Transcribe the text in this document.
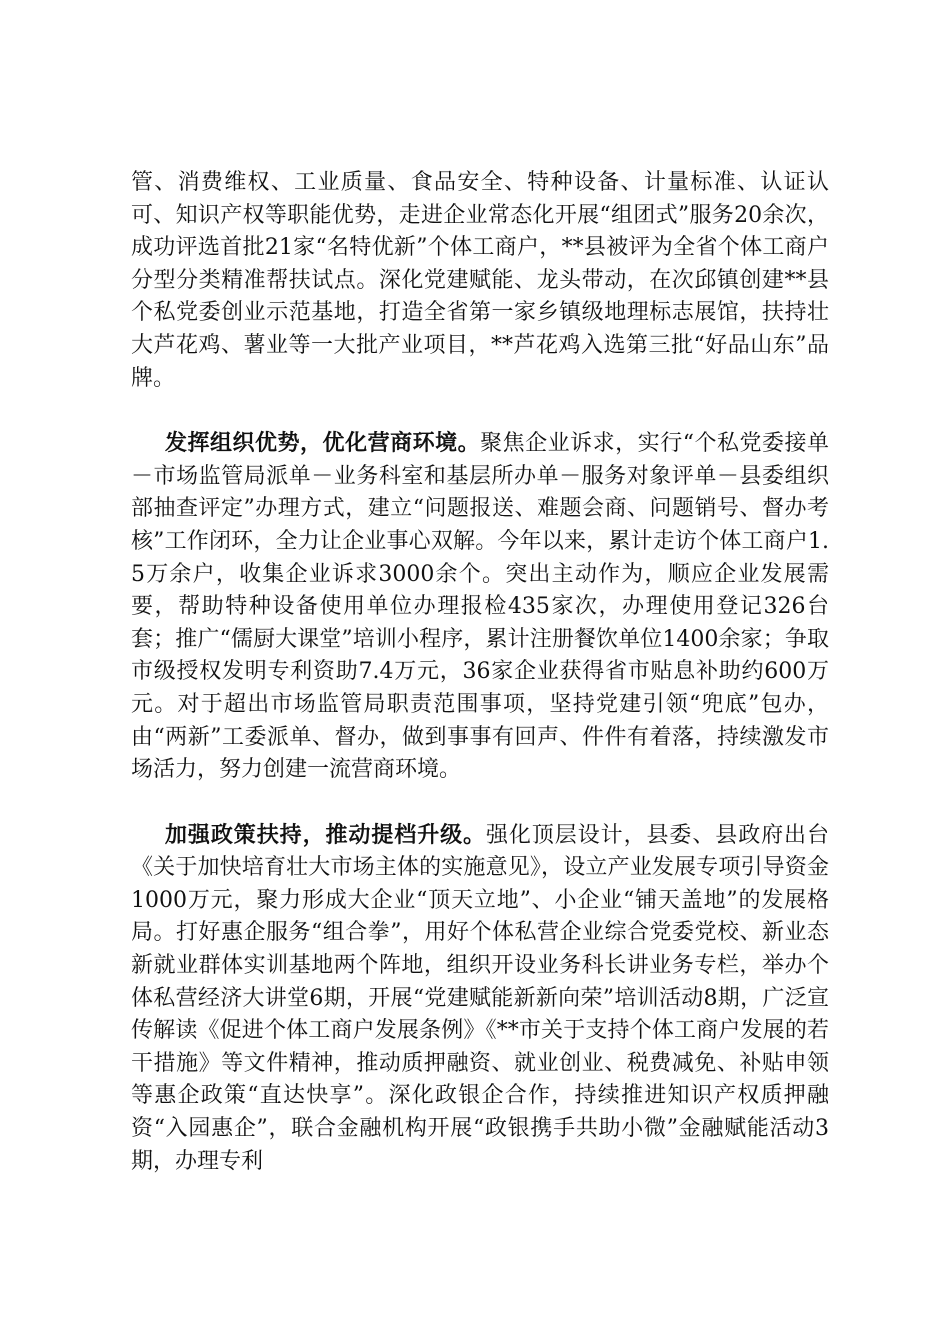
管、消费维权、工业质量、食品安全、特种设备、计量标准、认证认可、知识产权等职能优势，走进企业常态化开展“组团式”服务20余次，成功评选首批21家“名特优新”个体工商户，**县被评为全省个体工商户分型分类精准帮扶试点。深化党建赋能、龙头带动，在次邱镇创建**县个私党委创业示范基地，打造全省第一家乡镇级地理标志展馆，扶持壮大芦花鸡、薯业等一大批产业项目，**芦花鸡入选第三批“好品山东”品牌。

发挥组织优势，优化营商环境。聚焦企业诉求，实行“个私党委接单－市场监管局派单－业务科室和基层所办单－服务对象评单－县委组织部抽查评定”办理方式，建立“问题报送、难题会商、问题销号、督办考核”工作闭环，全力让企业事心双解。今年以来，累计走访个体工商户1.5万余户，收集企业诉求3000余个。突出主动作为，顺应企业发展需要，帮助特种设备使用单位办理报检435家次，办理使用登记326台套；推广“儒厨大课堂”培训小程序，累计注册餐饮单位1400余家；争取市级授权发明专利资助7.4万元，36家企业获得省市贴息补助约600万元。对于超出市场监管局职责范围事项，坚持党建引领“兜底”包办，由“两新”工委派单、督办，做到事事有回声、件件有着落，持续激发市场活力，努力创建一流营商环境。

加强政策扶持，推动提档升级。强化顶层设计，县委、县政府出台《关于加快培育壮大市场主体的实施意见》，设立产业发展专项引导资金1000万元，聚力形成大企业“顶天立地”、小企业“铺天盖地”的发展格局。打好惠企服务“组合拳”，用好个体私营企业综合党委党校、新业态新就业群体实训基地两个阵地，组织开设业务科长讲业务专栏，举办个体私营经济大讲堂6期，开展“党建赋能新新向荣”培训活动8期，广泛宣传解读《促进个体工商户发展条例》《**市关于支持个体工商户发展的若干措施》等文件精神，推动质押融资、就业创业、税费减免、补贴申领等惠企政策“直达快享”。深化政银企合作，持续推进知识产权质押融资“入园惠企”，联合金融机构开展“政银携手共助小微”金融赋能活动3期，办理专利
